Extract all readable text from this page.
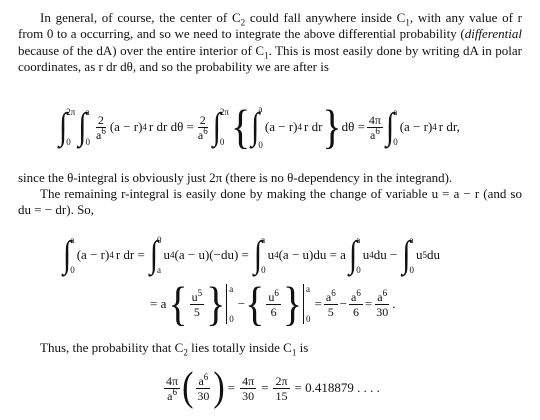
In general, of course, the center of $C_2$ could fall anywhere inside $C_1$, with any value of r from 0 to a occurring, and so we need to integrate the above differential probability (differential because of the dA) over the entire interior of $C_1$. This is most easily done by writing dA in polar coordinates, as r dr dθ, and so the probability we are after is

∫ 2π
0 ∫ a
0
$\frac{2}{a^6} (a - r)$ 4 r dr $d\theta = \frac{2}{a^6}$ ∫ 2π
0 { ∫ a
0
(a − r) 4 r dr } $d\theta = \frac{4\pi}{a^6}$ ∫ a
0
(a − r) 4 r dr,

since the θ-integral is obviously just 2π (there is no θ-dependency in the integrand).

The remaining r-integral is easily done by making the change of variable u = a − r (and so du = − dr). So,

∫ a
0
(a − r) 4 r dr = ∫ 0
a
u 4 (a − u)(−du) = ∫ a
0
u 4 (a − u)du = a ∫ a
0
u 4 du − ∫ a
0
u 5 du
= a { $\frac{u^5}{5}$ } a
0
− { $\frac{u^6}{6}$ } a
0
= $\frac{a^6}{5} - \frac{a^6}{6} = \frac{a^6}{30}$ .

Thus, the probability that $C_2$ lies totally inside $C_1$ is

$\frac{4\pi}{a^6}$ ( $\frac{a^6}{30}$ ) = $\frac{4\pi}{30} = \frac{2\pi}{15} = 0.418879$ . . . .
